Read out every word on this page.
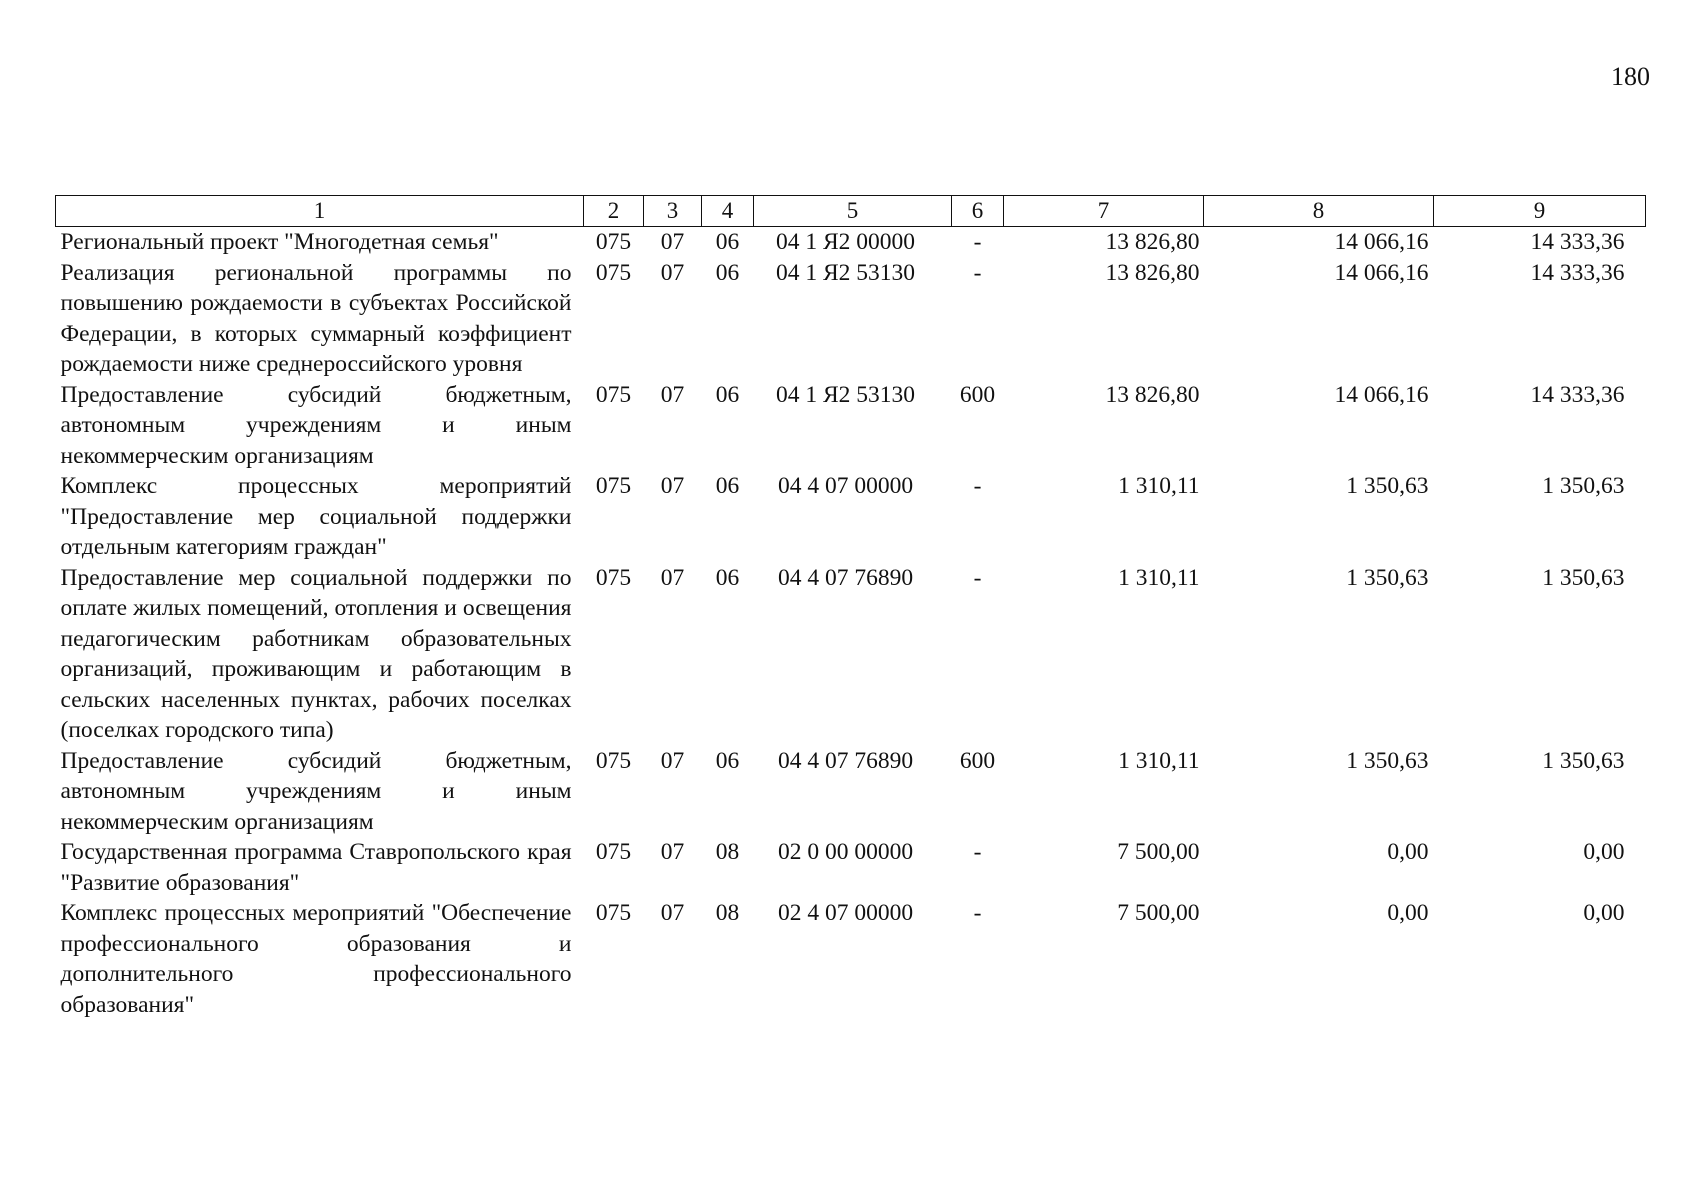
180
1	2	3	4	5	6	7	8	9
Региональный проект "Многодетная семья"	075	07	06	04 1 Я2 00000	-	13 826,80	14 066,16	14 333,36
Реализация региональной программы по повышению рождаемости в субъектах Российской Федерации, в которых суммарный коэффициент рождаемости ниже среднероссийского уровня	075	07	06	04 1 Я2 53130	-	13 826,80	14 066,16	14 333,36
Предоставление субсидий бюджетным, автономным учреждениям и иным некоммерческим организациям	075	07	06	04 1 Я2 53130	600	13 826,80	14 066,16	14 333,36
Комплекс процессных мероприятий "Предоставление мер социальной поддержки отдельным категориям граждан"	075	07	06	04 4 07 00000	-	1 310,11	1 350,63	1 350,63
Предоставление мер социальной поддержки по оплате жилых помещений, отопления и освещения педагогическим работникам образовательных организаций, проживающим и работающим в сельских населенных пунктах, рабочих поселках (поселках городского типа)	075	07	06	04 4 07 76890	-	1 310,11	1 350,63	1 350,63
Предоставление субсидий бюджетным, автономным учреждениям и иным некоммерческим организациям	075	07	06	04 4 07 76890	600	1 310,11	1 350,63	1 350,63
Государственная программа Ставропольского края "Развитие образования"	075	07	08	02 0 00 00000	-	7 500,00	0,00	0,00
Комплекс процессных мероприятий "Обеспечение профессионального образования и дополнительного профессионального образования"	075	07	08	02 4 07 00000	-	7 500,00	0,00	0,00
